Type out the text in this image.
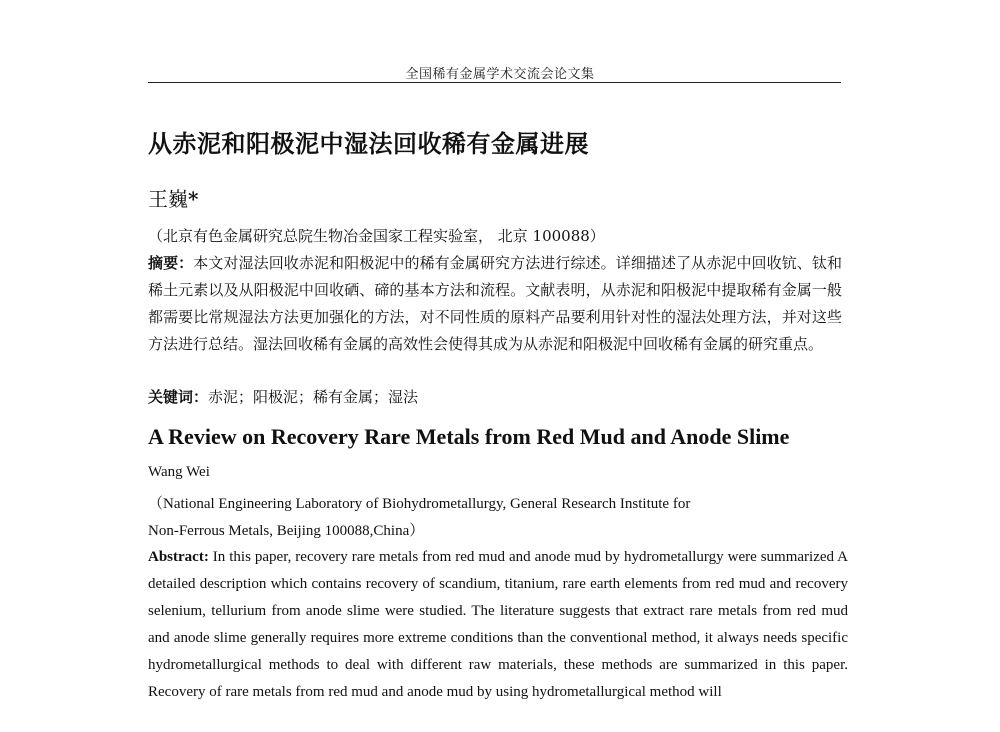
全国稀有金属学术交流会论文集
从赤泥和阳极泥中湿法回收稀有金属进展
王巍*
（北京有色金属研究总院生物冶金国家工程实验室， 北京 100088）
摘要：本文对湿法回收赤泥和阳极泥中的稀有金属研究方法进行综述。详细描述了从赤泥中回收钪、钛和稀土元素以及从阳极泥中回收硒、碲的基本方法和流程。文献表明，从赤泥和阳极泥中提取稀有金属一般都需要比常规湿法方法更加强化的方法，对不同性质的原料产品要利用针对性的湿法处理方法，并对这些方法进行总结。湿法回收稀有金属的高效性会使得其成为从赤泥和阳极泥中回收稀有金属的研究重点。
关键词：赤泥；阳极泥；稀有金属；湿法
A Review on Recovery Rare Metals from Red Mud and Anode Slime
Wang Wei
（National Engineering Laboratory of Biohydrometallurgy, General Research Institute for
Non-Ferrous Metals, Beijing 100088,China）
Abstract: In this paper, recovery rare metals from red mud and anode mud by hydrometallurgy were summarized A detailed description which contains recovery of scandium, titanium, rare earth elements from red mud and recovery selenium, tellurium from anode slime were studied. The literature suggests that extract rare metals from red mud and anode slime generally requires more extreme conditions than the conventional method, it always needs specific hydrometallurgical methods to deal with different raw materials, these methods are summarized in this paper. Recovery of rare metals from red mud and anode mud by using hydrometallurgical method will
